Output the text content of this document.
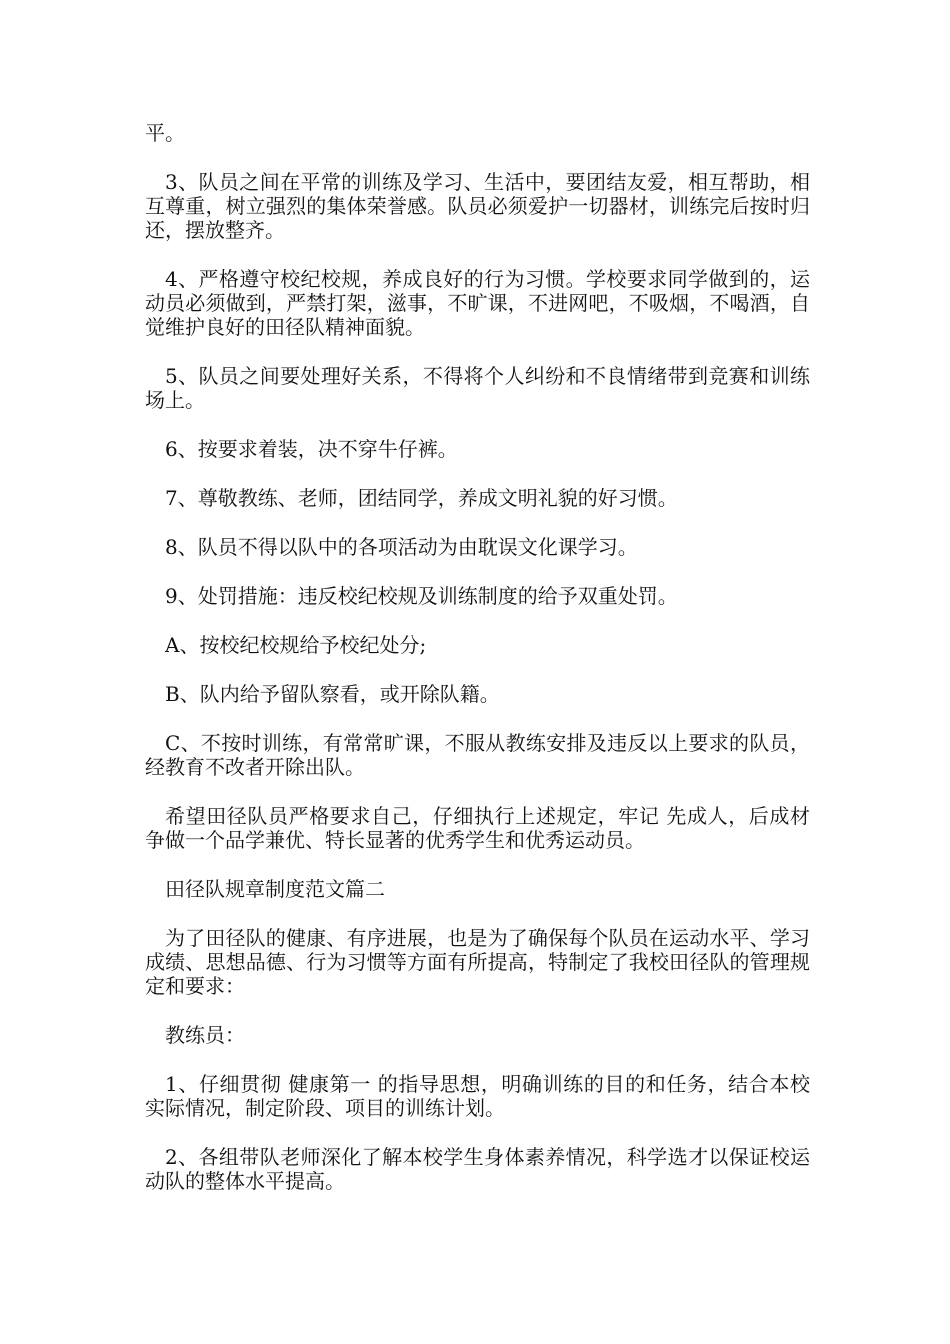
平。

3、队员之间在平常的训练及学习、生活中，要团结友爱，相互帮助，相互尊重，树立强烈的集体荣誉感。队员必须爱护一切器材，训练完后按时归还，摆放整齐。

4、严格遵守校纪校规，养成良好的行为习惯。学校要求同学做到的，运动员必须做到，严禁打架，滋事，不旷课，不进网吧，不吸烟，不喝酒，自觉维护良好的田径队精神面貌。

5、队员之间要处理好关系，不得将个人纠纷和不良情绪带到竞赛和训练场上。

6、按要求着装，决不穿牛仔裤。

7、尊敬教练、老师，团结同学，养成文明礼貌的好习惯。

8、队员不得以队中的各项活动为由耽误文化课学习。

9、处罚措施：违反校纪校规及训练制度的给予双重处罚。

A、按校纪校规给予校纪处分;

B、队内给予留队察看，或开除队籍。

C、不按时训练，有常常旷课，不服从教练安排及违反以上要求的队员，经教育不改者开除出队。

希望田径队员严格要求自己，仔细执行上述规定，牢记 先成人，后成材 争做一个品学兼优、特长显著的优秀学生和优秀运动员。

田径队规章制度范文篇二

为了田径队的健康、有序进展，也是为了确保每个队员在运动水平、学习成绩、思想品德、行为习惯等方面有所提高，特制定了我校田径队的管理规定和要求：

教练员：

1、仔细贯彻 健康第一 的指导思想，明确训练的目的和任务，结合本校实际情况，制定阶段、项目的训练计划。

2、各组带队老师深化了解本校学生身体素养情况，科学选才以保证校运动队的整体水平提高。
